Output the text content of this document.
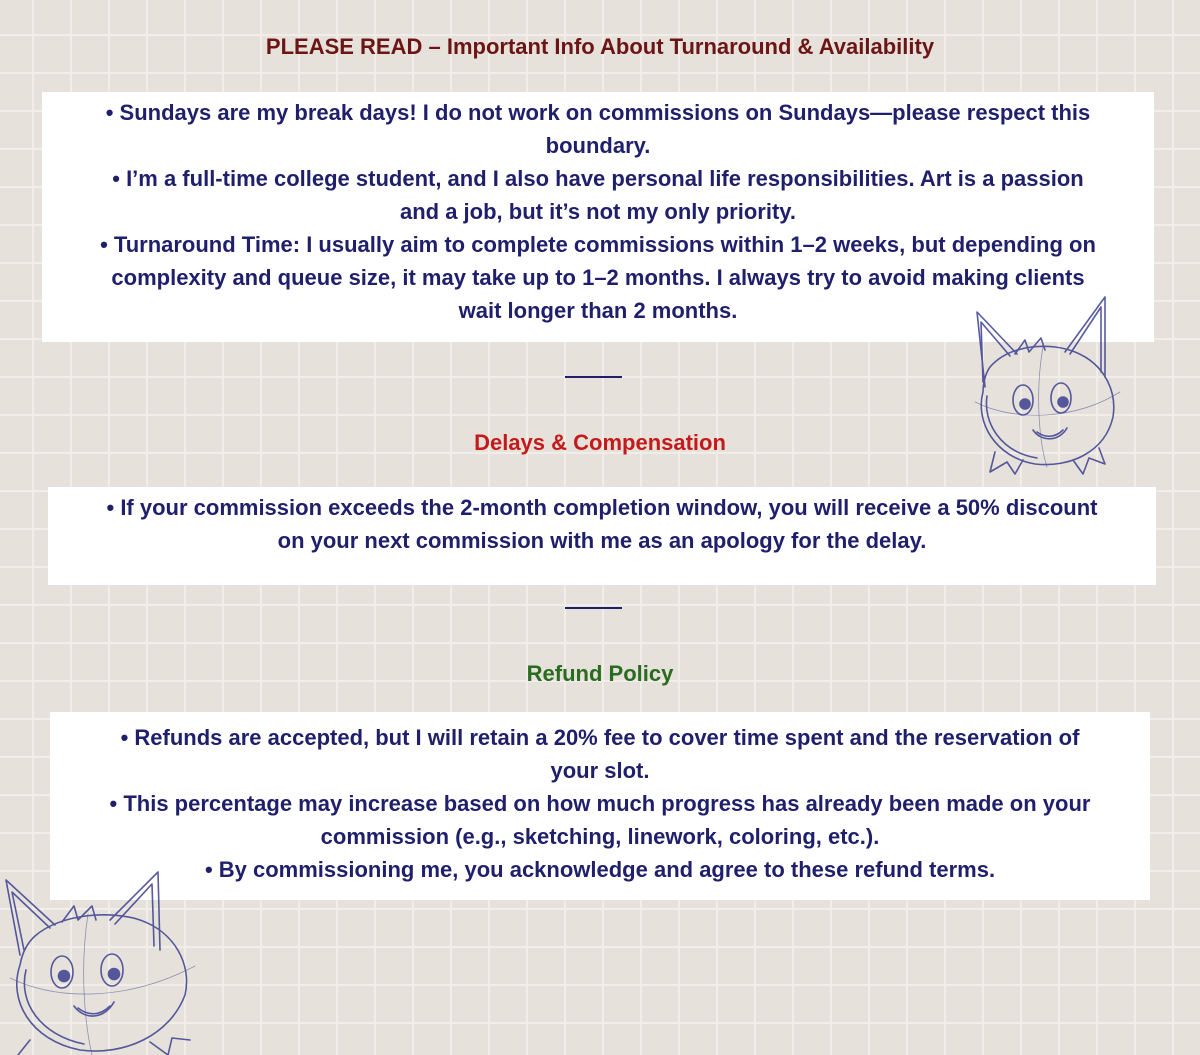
PLEASE READ – Important Info About Turnaround & Availability
• Sundays are my break days! I do not work on commissions on Sundays—please respect this
boundary.
• I’m a full-time college student, and I also have personal life responsibilities. Art is a passion
and a job, but it’s not my only priority.
• Turnaround Time: I usually aim to complete commissions within 1–2 weeks, but depending on
complexity and queue size, it may take up to 1–2 months. I always try to avoid making clients
wait longer than 2 months.
Delays & Compensation
• If your commission exceeds the 2-month completion window, you will receive a 50% discount
on your next commission with me as an apology for the delay.
Refund Policy
• Refunds are accepted, but I will retain a 20% fee to cover time spent and the reservation of
your slot.
• This percentage may increase based on how much progress has already been made on your
commission (e.g., sketching, linework, coloring, etc.).
• By commissioning me, you acknowledge and agree to these refund terms.
